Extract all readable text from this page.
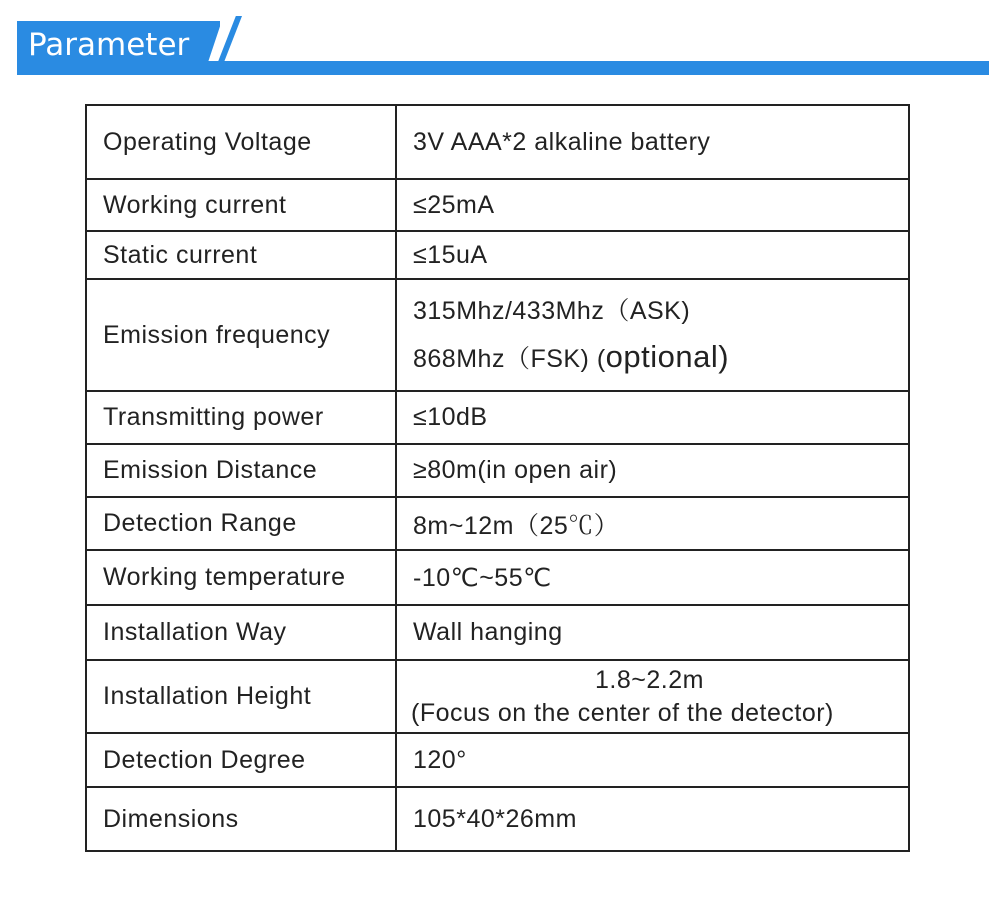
Parameter
Operating Voltage	3V AAA*2 alkaline battery
Working current	≤25mA
Static current	≤15uA
Emission frequency	315Mhz/433Mhz（ASK)
868Mhz（FSK) (optional)

Transmitting power	≤10dB
Emission Distance	≥80m(in open air)
Detection Range	8m~12m（25℃）
Working temperature	-10℃~55℃
Installation Way	Wall hanging
Installation Height	1.8~2.2m
(Focus on the center of the detector)

Detection Degree	120°
Dimensions	105*40*26mm
